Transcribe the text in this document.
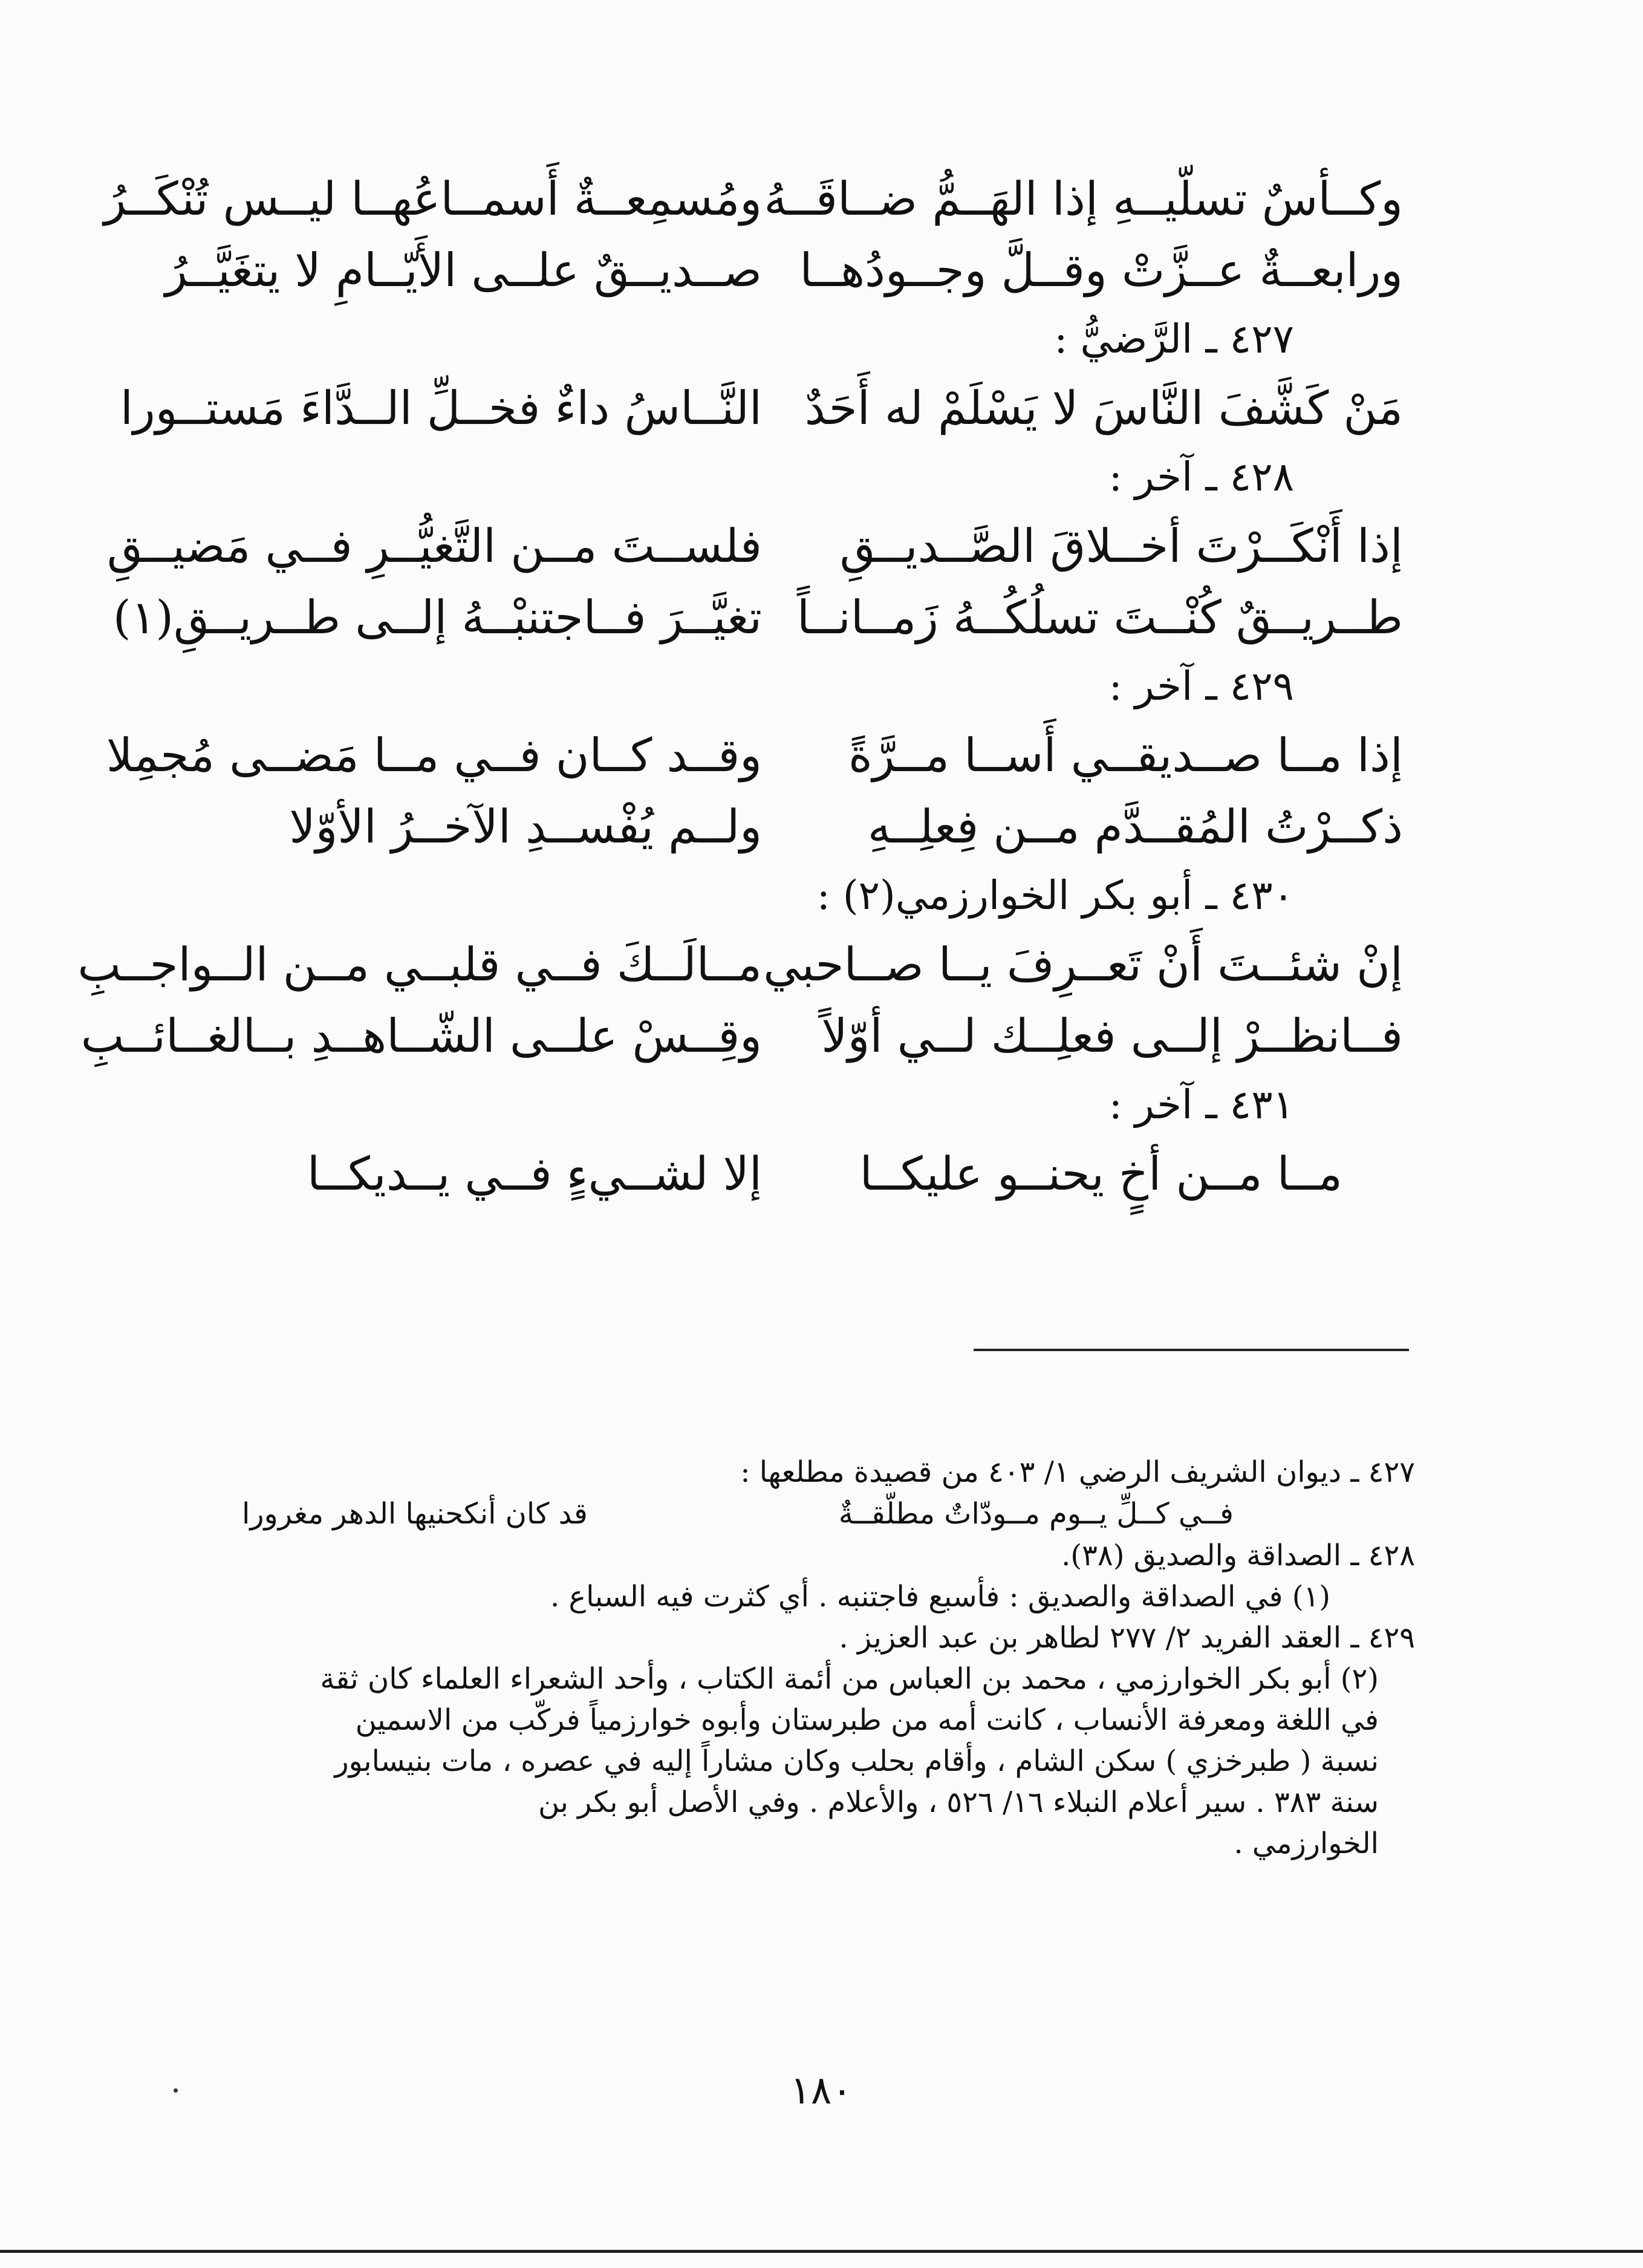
وكــأسٌ تسلّيــهِ إذا الهَــمُّ ضــاقَــهُ
ومُسمِعــةٌ أَسمــاعُهــا ليــس تُنْكَــرُ
ورابعــةٌ عــزَّتْ وقــلَّ وجــودُهــا
صــديــقٌ علــى الأَيّــامِ لا يتغَيَّــرُ
٤٢٧ ـ الرَّضيُّ :
مَنْ كَشَّفَ النَّاسَ لا يَسْلَمْ له أَحَدٌ
النَّــاسُ داءٌ فخــلِّ الــدَّاءَ مَستــورا
٤٢٨ ـ آخر :
إذا أَنْكَــرْتَ أخــلاقَ الصَّــديــقِ
فلســتَ مــن التَّغيُّــرِ فــي مَضيــقِ
طــريــقٌ كُنْــتَ تسلُكُــهُ زَمــانــاً
تغيَّــرَ فــاجتنبْــهُ إلــى طــريــقِ(١)
٤٢٩ ـ آخر :
إذا مــا صــديقــي أَســا مــرَّةً
وقــد كــان فــي مــا مَضــى مُجمِلا
ذكــرْتُ المُقــدَّم مــن فِعلِــهِ
ولــم يُفْســدِ الآخــرُ الأوّلا
٤٣٠ ـ أبو بكر الخوارزمي(٢) :
إنْ شئــتَ أَنْ تَعــرِفَ يــا صــاحبي
مــالَــكَ فــي قلبــي مــن الــواجــبِ
فــانظــرْ إلــى فعلِــك لــي أوّلاً
وقِــسْ علــى الشّــاهــدِ بــالغــائــبِ
٤٣١ ـ آخر :
مــا مــن أخٍ يحنــو عليكــا
إلا لشــيءٍ فــي يــديكــا
٤٢٧ ـ ديوان الشريف الرضي ١/ ٤٠٣ من قصيدة مطلعها :
فــي كــلِّ يــوم مــودّاتٌ مطلّقــةٌ
قد كان أنكحنيها الدهر مغرورا
٤٢٨ ـ الصداقة والصديق (٣٨).
(١) في الصداقة والصديق : فأسبع فاجتنبه . أي كثرت فيه السباع .
٤٢٩ ـ العقد الفريد ٢/ ٢٧٧ لطاهر بن عبد العزيز .
(٢) أبو بكر الخوارزمي ، محمد بن العباس من أئمة الكتاب ، وأحد الشعراء العلماء كان ثقة
في اللغة ومعرفة الأنساب ، كانت أمه من طبرستان وأبوه خوارزمياً فركّب من الاسمين
نسبة ( طبرخزي ) سكن الشام ، وأقام بحلب وكان مشاراً إليه في عصره ، مات بنيسابور
سنة ٣٨٣ . سير أعلام النبلاء ١٦/ ٥٢٦ ، والأعلام . وفي الأصل أبو بكر بن
الخوارزمي .
١٨٠
